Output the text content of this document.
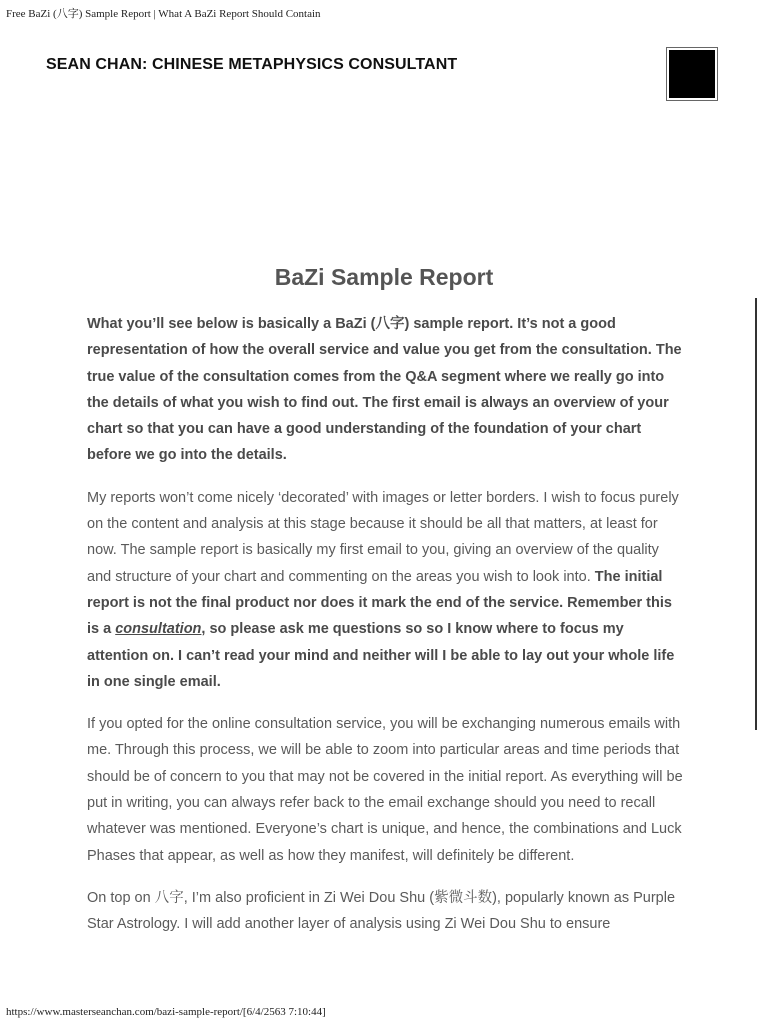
Free BaZi (八字) Sample Report | What A BaZi Report Should Contain
SEAN CHAN: CHINESE METAPHYSICS CONSULTANT
BaZi Sample Report

What you’ll see below is basically a BaZi (八字) sample report. It’s not a good representation of how the overall service and value you get from the consultation. The true value of the consultation comes from the Q&A segment where we really go into the details of what you wish to find out. The first email is always an overview of your chart so that you can have a good understanding of the foundation of your chart before we go into the details.

My reports won’t come nicely ‘decorated’ with images or letter borders. I wish to focus purely on the content and analysis at this stage because it should be all that matters, at least for now. The sample report is basically my first email to you, giving an overview of the quality and structure of your chart and commenting on the areas you wish to look into. The initial report is not the final product nor does it mark the end of the service. Remember this is a consultation, so please ask me questions so so I know where to focus my attention on. I can’t read your mind and neither will I be able to lay out your whole life in one single email.

If you opted for the online consultation service, you will be exchanging numerous emails with me. Through this process, we will be able to zoom into particular areas and time periods that should be of concern to you that may not be covered in the initial report. As everything will be put in writing, you can always refer back to the email exchange should you need to recall whatever was mentioned. Everyone’s chart is unique, and hence, the combinations and Luck Phases that appear, as well as how they manifest, will definitely be different.

On top on 八字, I’m also proficient in Zi Wei Dou Shu (紫微斗数), popularly known as Purple Star Astrology. I will add another layer of analysis using Zi Wei Dou Shu to ensure

https://www.masterseanchan.com/bazi-sample-report/[6/4/2563 7:10:44]
